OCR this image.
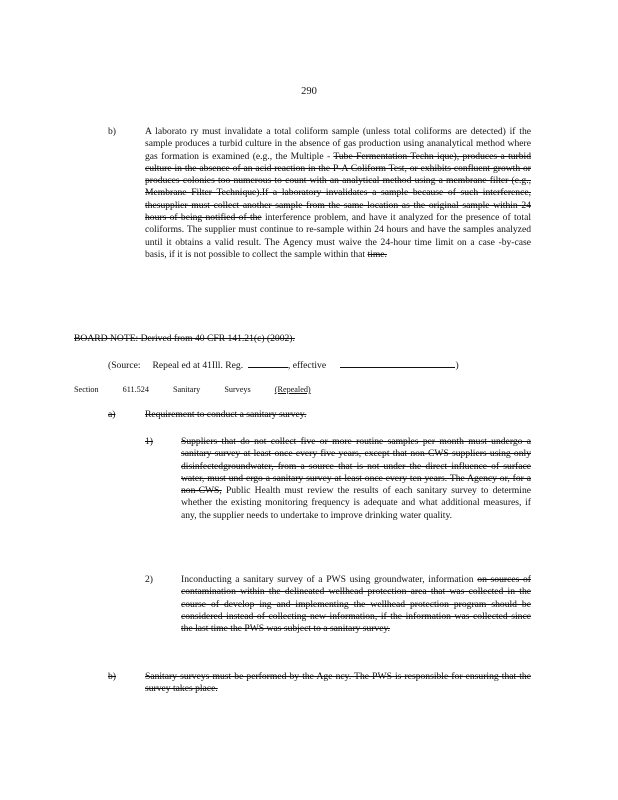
290
b)	A laborato ry must invalidate a total coliform sample (unless total coliforms are detected) if the sample produces a turbid culture in the absence of gas production using ananalytical method where gas formation is examined (e.g., the Multiple - Tube Fermentation Techn ique), produces a turbid culture in the absence of an acid reaction in the P-A Coliform Test, or exhibits confluent growth or produces colonies too numerous to count with an analytical method using a membrane filter (e.g., Membrane Filter Technique).If a laboratory invalidates a sample because of such interference, thesupplier must collect another sample from the same location as the original sample within 24 hours of being notified of the interference problem, and have it analyzed for the presence of total coliforms. The supplier must continue to re-sample within 24 hours and have the samples analyzed until it obtains a valid result. The Agency must waive the 24-hour time limit on a case -by-case basis, if it is not possible to collect the sample within that time.
BOARD NOTE: Derived from 40 CFR 141.21(c) (2002).
(Source: Repeal ed at 41Ill. Reg.	, effective	)
Section	611.524	Sanitary	Surveys	(Repealed)
a)	Requirement to conduct a sanitary survey.
1)	Suppliers that do not collect five or more routine samples per month must undergo a sanitary survey at least once every five years, except that non-CWS suppliers using only disinfectedgroundwater, from a source that is not under the direct influence of surface water, must und ergo a sanitary survey at least once every ten years. The Agency or, for a non-CWS, Public Health must review the results of each sanitary survey to determine whether the existing monitoring frequency is adequate and what additional measures, if any, the supplier needs to undertake to improve drinking water quality.
2)	Inconducting a sanitary survey of a PWS using groundwater, information on sources of contamination within the delineated wellhead protection area that was collected in the course of develop ing and implementing the wellhead protection program should be considered instead of collecting new information, if the information was collected since the last time the PWS was subject to a sanitary survey.
b)	Sanitary surveys must be performed by the Age ncy. The PWS is responsible for ensuring that the survey takes place.
